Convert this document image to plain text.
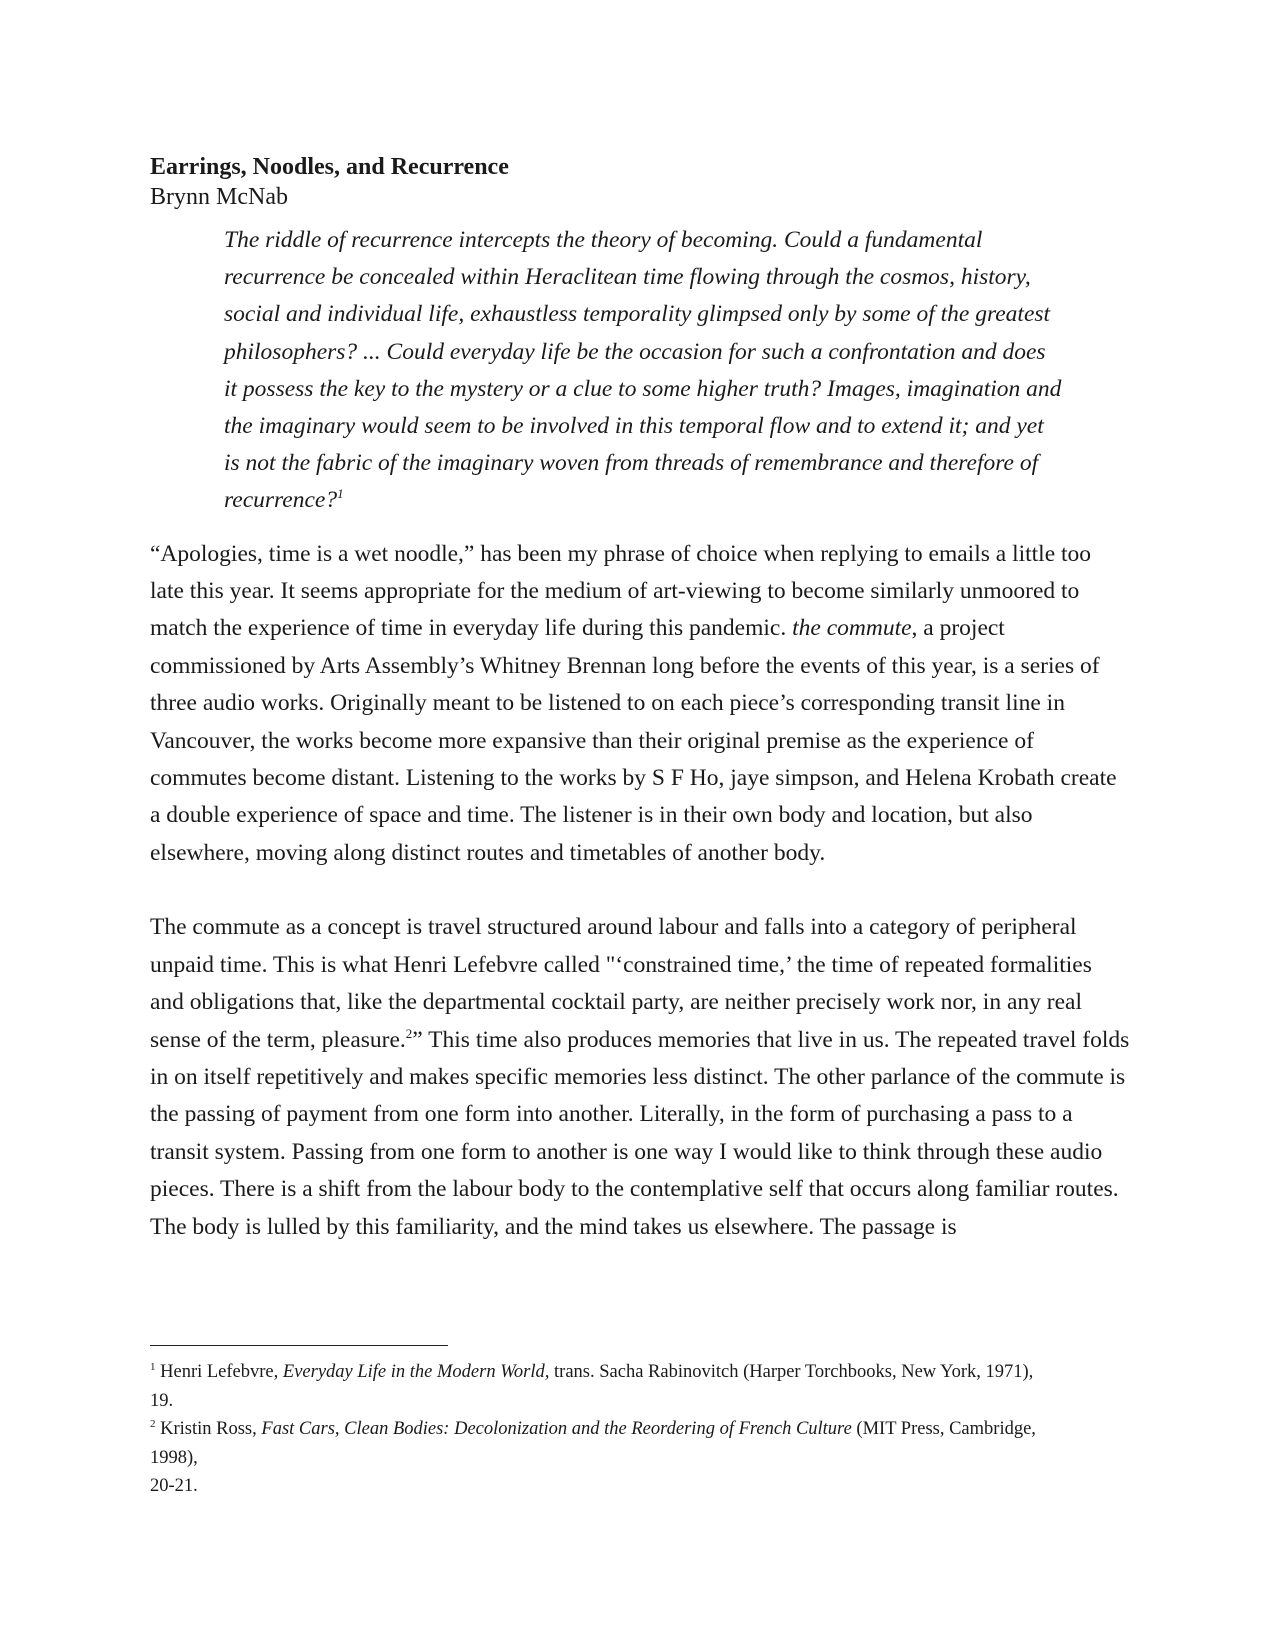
Earrings, Noodles, and Recurrence

Brynn McNab

The riddle of recurrence intercepts the theory of becoming. Could a fundamental recurrence be concealed within Heraclitean time flowing through the cosmos, history, social and individual life, exhaustless temporality glimpsed only by some of the greatest philosophers? ... Could everyday life be the occasion for such a confrontation and does it possess the key to the mystery or a clue to some higher truth? Images, imagination and the imaginary would seem to be involved in this temporal flow and to extend it; and yet is not the fabric of the imaginary woven from threads of remembrance and therefore of recurrence?$^1$

“Apologies, time is a wet noodle,” has been my phrase of choice when replying to emails a little too late this year. It seems appropriate for the medium of art-viewing to become similarly unmoored to match the experience of time in everyday life during this pandemic. the commute, a project commissioned by Arts Assembly’s Whitney Brennan long before the events of this year, is a series of three audio works. Originally meant to be listened to on each piece’s corresponding transit line in Vancouver, the works become more expansive than their original premise as the experience of commutes become distant. Listening to the works by S F Ho, jaye simpson, and Helena Krobath create a double experience of space and time. The listener is in their own body and location, but also elsewhere, moving along distinct routes and timetables of another body.

The commute as a concept is travel structured around labour and falls into a category of peripheral unpaid time. This is what Henri Lefebvre called "‘constrained time,’ the time of repeated formalities and obligations that, like the departmental cocktail party, are neither precisely work nor, in any real sense of the term, pleasure.$^2$” This time also produces memories that live in us. The repeated travel folds in on itself repetitively and makes specific memories less distinct. The other parlance of the commute is the passing of payment from one form into another. Literally, in the form of purchasing a pass to a transit system. Passing from one form to another is one way I would like to think through these audio pieces. There is a shift from the labour body to the contemplative self that occurs along familiar routes. The body is lulled by this familiarity, and the mind takes us elsewhere. The passage is

$^1$ Henri Lefebvre, Everyday Life in the Modern World, trans. Sacha Rabinovitch (Harper Torchbooks, New York, 1971),

19.

$^2$ Kristin Ross, Fast Cars, Clean Bodies: Decolonization and the Reordering of French Culture (MIT Press, Cambridge,

1998),

20-21.
